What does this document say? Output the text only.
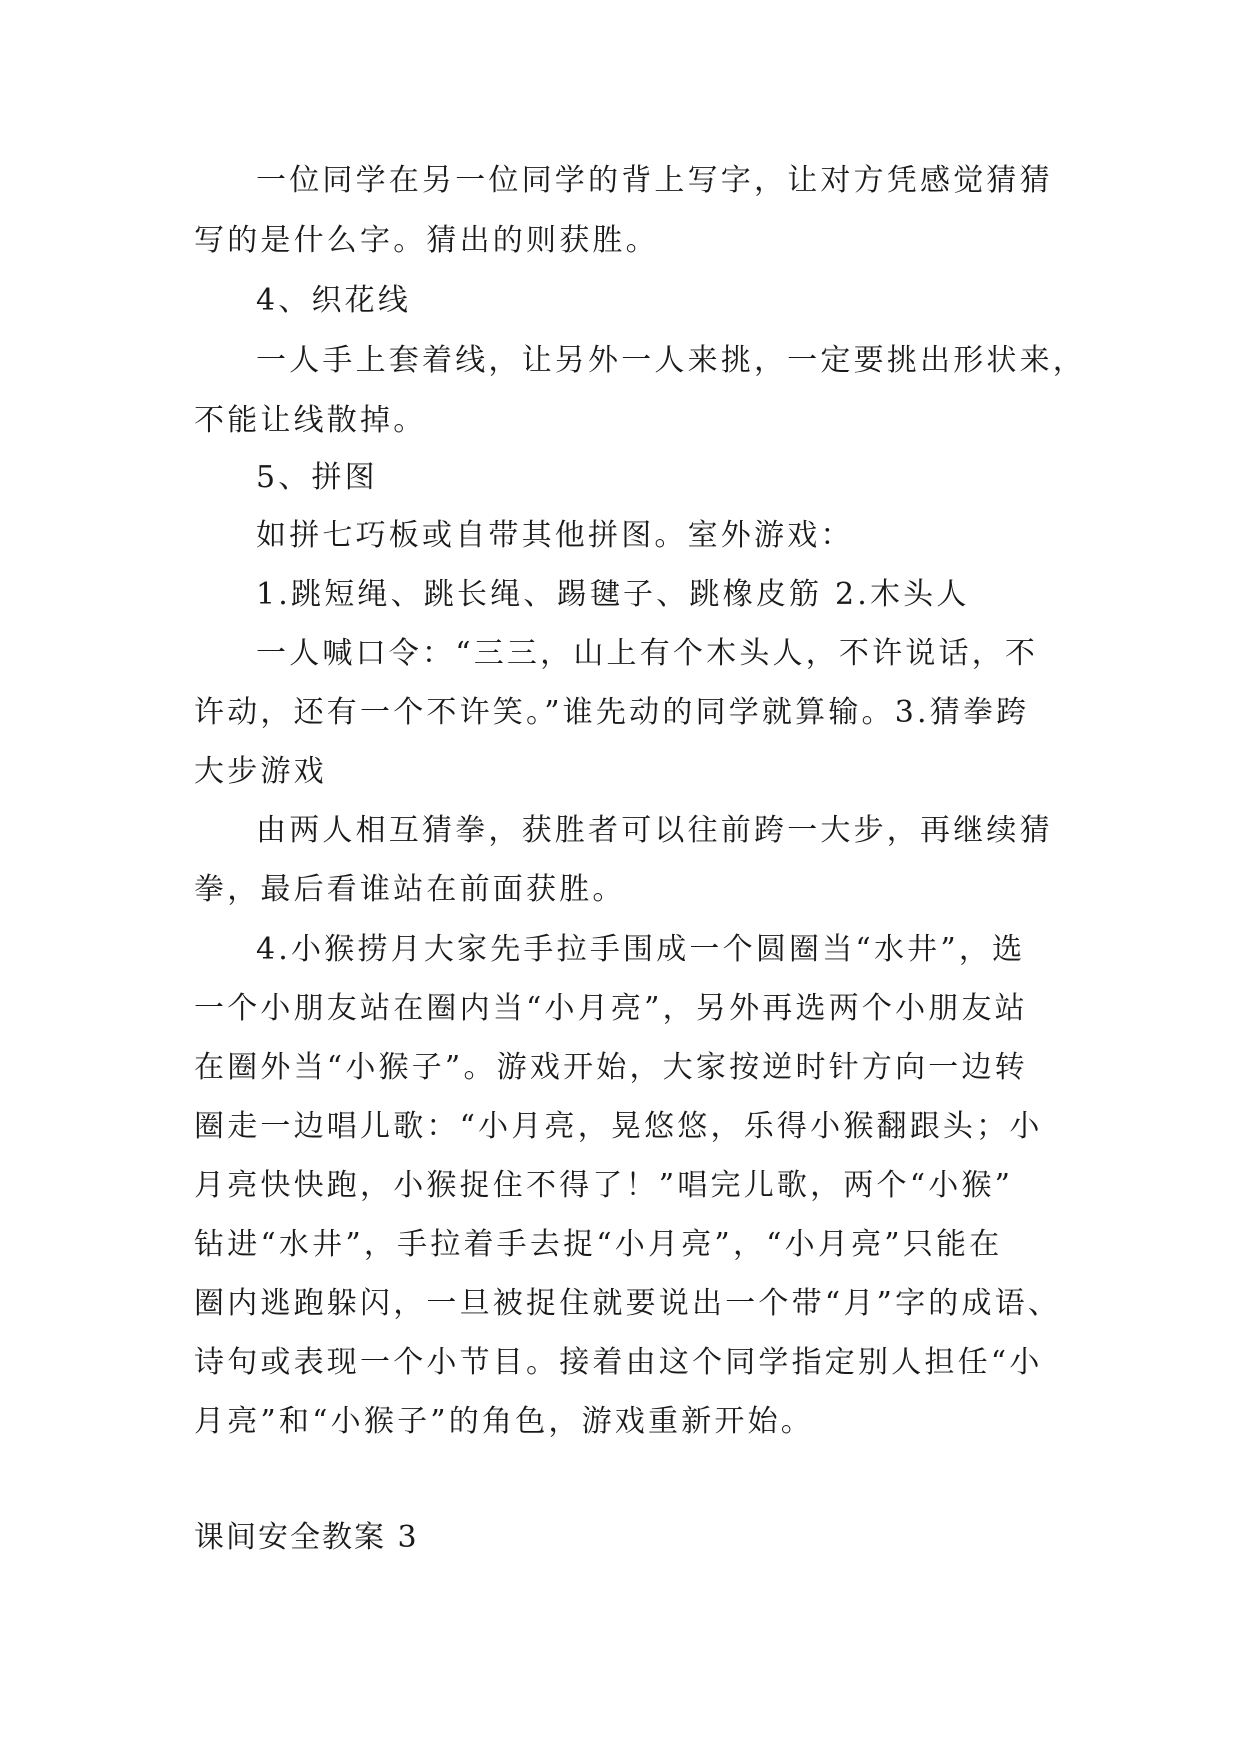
一位同学在另一位同学的背上写字，让对方凭感觉猜猜
写的是什么字。猜出的则获胜。
4、织花线
一人手上套着线，让另外一人来挑，一定要挑出形状来，
不能让线散掉。
5、拼图
如拼七巧板或自带其他拼图。室外游戏：
1.跳短绳、跳长绳、踢毽子、跳橡皮筋 2.木头人
一人喊口令：“三三，山上有个木头人，不许说话，不
许动，还有一个不许笑。”谁先动的同学就算输。3.猜拳跨
大步游戏
由两人相互猜拳，获胜者可以往前跨一大步，再继续猜
拳，最后看谁站在前面获胜。
4.小猴捞月大家先手拉手围成一个圆圈当“水井”，选
一个小朋友站在圈内当“小月亮”，另外再选两个小朋友站
在圈外当“小猴子”。游戏开始，大家按逆时针方向一边转
圈走一边唱儿歌：“小月亮，晃悠悠，乐得小猴翻跟头；小
月亮快快跑，小猴捉住不得了！”唱完儿歌，两个“小猴”
钻进“水井”，手拉着手去捉“小月亮”，“小月亮”只能在
圈内逃跑躲闪，一旦被捉住就要说出一个带“月”字的成语、
诗句或表现一个小节目。接着由这个同学指定别人担任“小
月亮”和“小猴子”的角色，游戏重新开始。
课间安全教案 3
